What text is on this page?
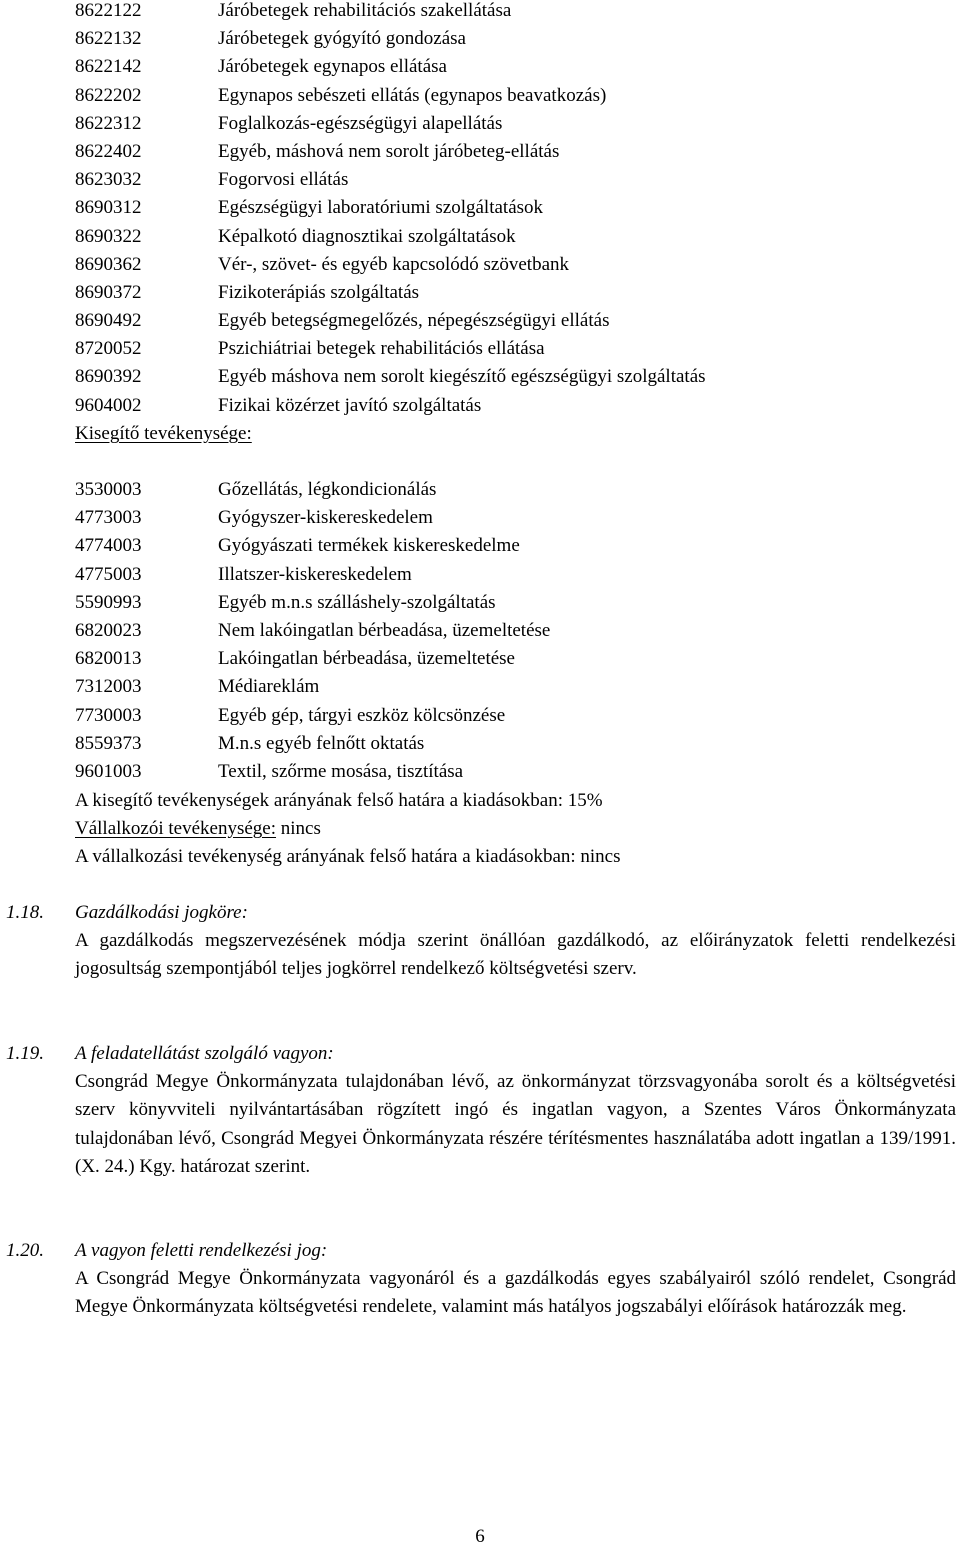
8622122	Járóbetegek rehabilitációs szakellátása
8622132	Járóbetegek gyógyító gondozása
8622142	Járóbetegek egynapos ellátása
8622202	Egynapos sebészeti ellátás (egynapos beavatkozás)
8622312	Foglalkozás-egészségügyi alapellátás
8622402	Egyéb, máshová nem sorolt járóbeteg-ellátás
8623032	Fogorvosi ellátás
8690312	Egészségügyi laboratóriumi szolgáltatások
8690322	Képalkotó diagnosztikai szolgáltatások
8690362	Vér-, szövet- és egyéb kapcsolódó szövetbank
8690372	Fizikoterápiás szolgáltatás
8690492	Egyéb betegségmegelőzés, népegészségügyi ellátás
8720052	Pszichiátriai betegek rehabilitációs ellátása
8690392	Egyéb máshova nem sorolt kiegészítő egészségügyi szolgáltatás
9604002	Fizikai közérzet javító szolgáltatás
Kisegítő tevékenysége:
3530003	Gőzellátás, légkondicionálás
4773003	Gyógyszer-kiskereskedelem
4774003	Gyógyászati termékek kiskereskedelme
4775003	Illatszer-kiskereskedelem
5590993	Egyéb m.n.s szálláshely-szolgáltatás
6820023	Nem lakóingatlan bérbeadása, üzemeltetése
6820013	Lakóingatlan bérbeadása, üzemeltetése
7312003	Médiareklám
7730003	Egyéb gép, tárgyi eszköz kölcsönzése
8559373	M.n.s egyéb felnőtt oktatás
9601003	Textil, szőrme mosása, tisztítása
A kisegítő tevékenységek arányának felső határa a kiadásokban: 15%
Vállalkozói tevékenysége: nincs
A vállalkozási tevékenység arányának felső határa a kiadásokban: nincs
1.18. Gazdálkodási jogköre:
A gazdálkodás megszervezésének módja szerint önállóan gazdálkodó, az előirányzatok feletti rendelkezési jogosultság szempontjából teljes jogkörrel rendelkező költségvetési szerv.
1.19. A feladatellátást szolgáló vagyon:
Csongrád Megye Önkormányzata tulajdonában lévő, az önkormányzat törzsvagyonába sorolt és a költségvetési szerv könyvviteli nyilvántartásában rögzített ingó és ingatlan vagyon, a Szentes Város Önkormányzata tulajdonában lévő, Csongrád Megyei Önkormányzata részére térítésmentes használatába adott ingatlan a 139/1991. (X. 24.) Kgy. határozat szerint.
1.20. A vagyon feletti rendelkezési jog:
A Csongrád Megye Önkormányzata vagyonáról és a gazdálkodás egyes szabályairól szóló rendelet, Csongrád Megye Önkormányzata költségvetési rendelete, valamint más hatályos jogszabályi előírások határozzák meg.
6
